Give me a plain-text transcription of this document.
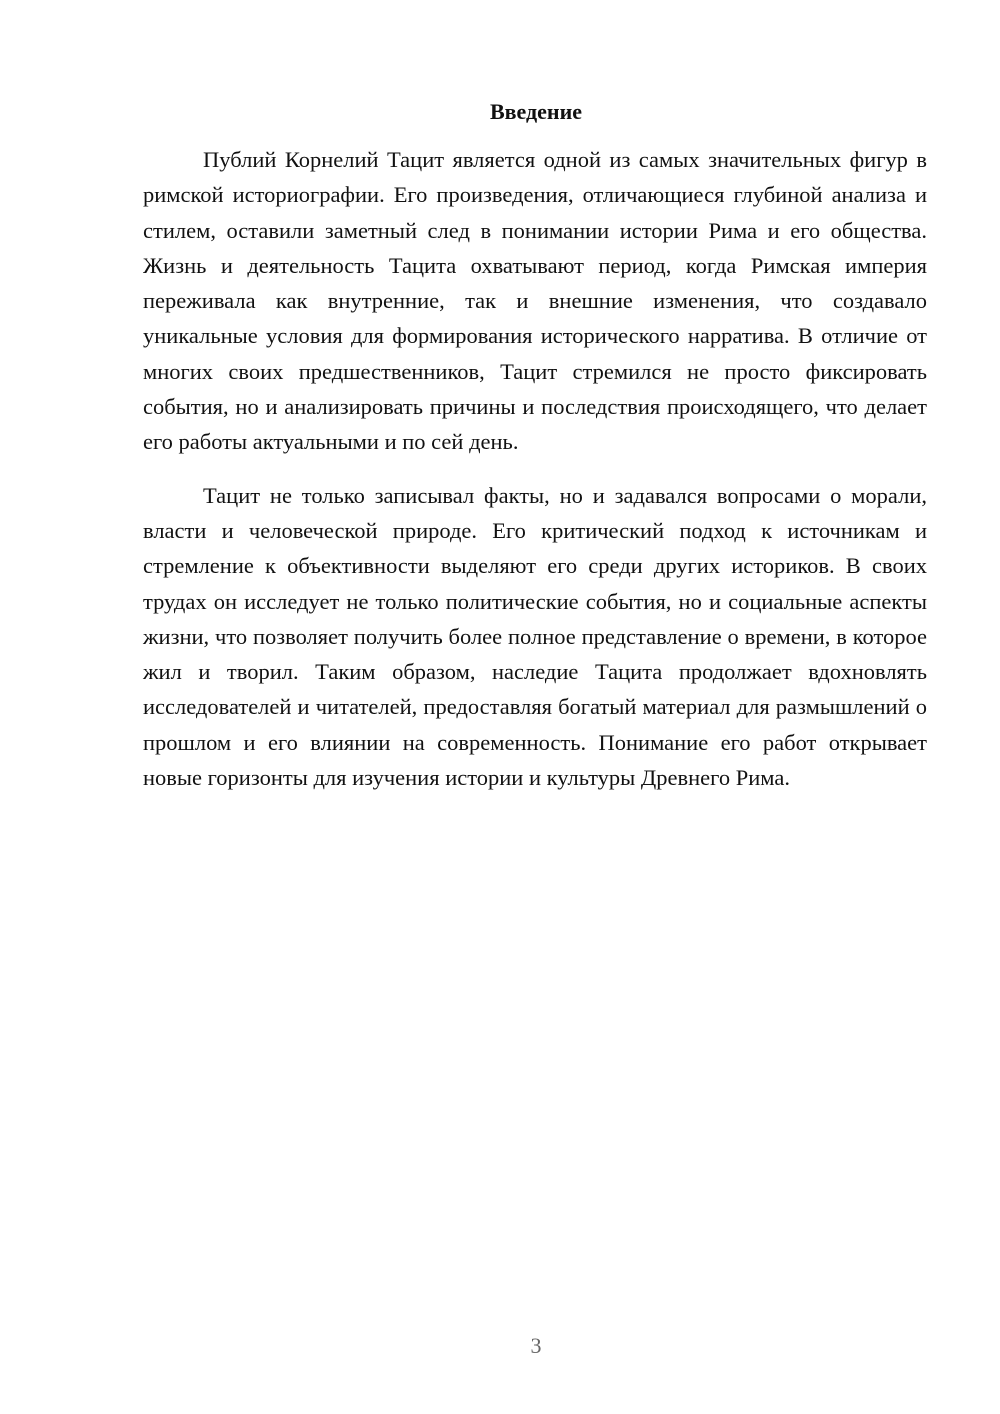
Введение

Публий Корнелий Тацит является одной из самых значительных фигур в римской историографии. Его произведения, отличающиеся глубиной анализа и стилем, оставили заметный след в понимании истории Рима и его общества. Жизнь и деятельность Тацита охватывают период, когда Римская империя переживала как внутренние, так и внешние изменения, что создавало уникальные условия для формирования исторического нарратива. В отличие от многих своих предшественников, Тацит стремился не просто фиксировать события, но и анализировать причины и последствия происходящего, что делает его работы актуальными и по сей день.

Тацит не только записывал факты, но и задавался вопросами о морали, власти и человеческой природе. Его критический подход к источникам и стремление к объективности выделяют его среди других историков. В своих трудах он исследует не только политические события, но и социальные аспекты жизни, что позволяет получить более полное представление о времени, в которое жил и творил. Таким образом, наследие Тацита продолжает вдохновлять исследователей и читателей, предоставляя богатый материал для размышлений о прошлом и его влиянии на современность. Понимание его работ открывает новые горизонты для изучения истории и культуры Древнего Рима.

3
